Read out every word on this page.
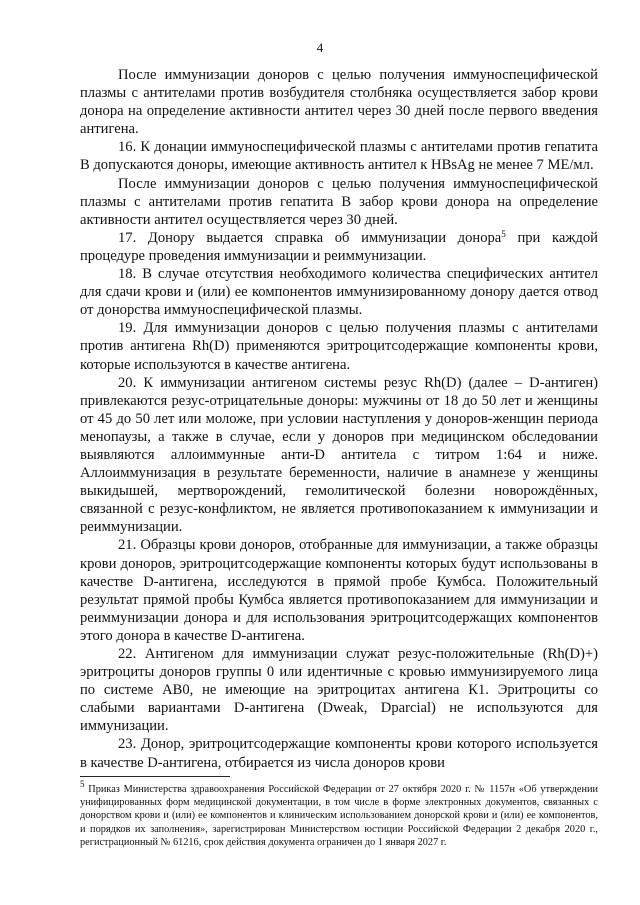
4

После иммунизации доноров с целью получения иммуноспецифической плазмы с антителами против возбудителя столбняка осуществляется забор крови донора на определение активности антител через 30 дней после первого введения антигена.

16. К донации иммуноспецифической плазмы с антителами против гепатита В допускаются доноры, имеющие активность антител к HBsAg не менее 7 МЕ/мл.

После иммунизации доноров с целью получения иммуноспецифической плазмы с антителами против гепатита В забор крови донора на определение активности антител осуществляется через 30 дней.

17. Донору выдается справка об иммунизации донора$^5$ при каждой процедуре проведения иммунизации и реиммунизации.

18. В случае отсутствия необходимого количества специфических антител для сдачи крови и (или) ее компонентов иммунизированному донору дается отвод от донорства иммуноспецифической плазмы.

19. Для иммунизации доноров с целью получения плазмы с антителами против антигена Rh(D) применяются эритроцитсодержащие компоненты крови, которые используются в качестве антигена.

20. К иммунизации антигеном системы резус Rh(D) (далее – D-антиген) привлекаются резус-отрицательные доноры: мужчины от 18 до 50 лет и женщины от 45 до 50 лет или моложе, при условии наступления у доноров-женщин периода менопаузы, а также в случае, если у доноров при медицинском обследовании выявляются аллоиммунные анти-D антитела с титром 1:64 и ниже. Аллоиммунизация в результате беременности, наличие в анамнезе у женщины выкидышей, мертворождений, гемолитической болезни новорождённых, связанной с резус-конфликтом, не является противопоказанием к иммунизации и реиммунизации.

21. Образцы крови доноров, отобранные для иммунизации, а также образцы крови доноров, эритроцитсодержащие компоненты которых будут использованы в качестве D-антигена, исследуются в прямой пробе Кумбса. Положительный результат прямой пробы Кумбса является противопоказанием для иммунизации и реиммунизации донора и для использования эритроцитсодержащих компонентов этого донора в качестве D-антигена.

22. Антигеном для иммунизации служат резус-положительные (Rh(D)+) эритроциты доноров группы 0 или идентичные с кровью иммунизируемого лица по системе АВ0, не имеющие на эритроцитах антигена К1. Эритроциты со слабыми вариантами D-антигена (Dweak, Dparcial) не используются для иммунизации.

23. Донор, эритроцитсодержащие компоненты крови которого используется в качестве D-антигена, отбирается из числа доноров крови

$^5$ Приказ Министерства здравоохранения Российской Федерации от 27 октября 2020 г. № 1157н «Об утверждении унифицированных форм медицинской документации, в том числе в форме электронных документов, связанных с донорством крови и (или) ее компонентов и клиническим использованием донорской крови и (или) ее компонентов, и порядков их заполнения», зарегистрирован Министерством юстиции Российской Федерации 2 декабря 2020 г., регистрационный № 61216, срок действия документа ограничен до 1 января 2027 г.
